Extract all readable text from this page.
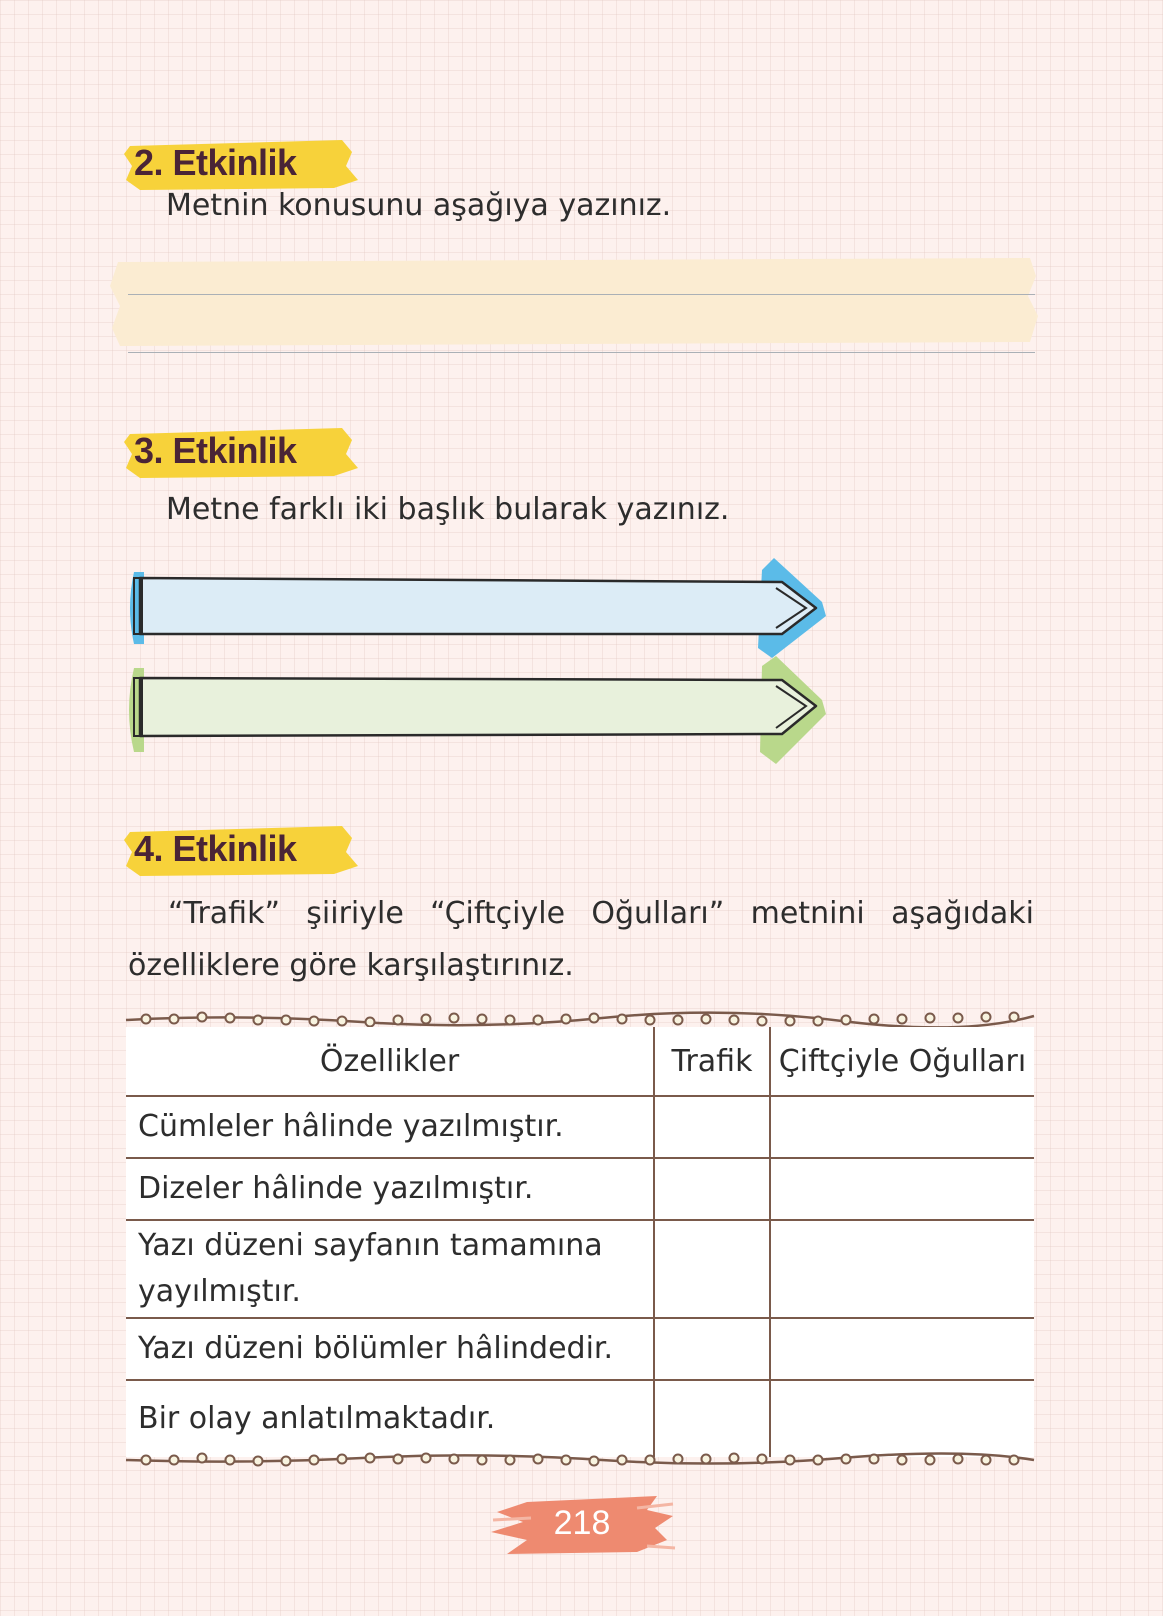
2. Etkinlik
Metnin konusunu aşağıya yazınız.
3. Etkinlik
Metne farklı iki başlık bularak yazınız.
4. Etkinlik
“Trafik” şiiriyle “Çiftçiyle Oğulları” metnini aşağıdaki özelliklere göre karşılaştırınız.
Özellikler	Trafik	Çiftçiyle Oğulları
Cümleler hâlinde yazılmıştır.		
Dizeler hâlinde yazılmıştır.		
Yazı düzeni sayfanın tamamına yayılmıştır.		
Yazı düzeni bölümler hâlindedir.		
Bir olay anlatılmaktadır.		
218
